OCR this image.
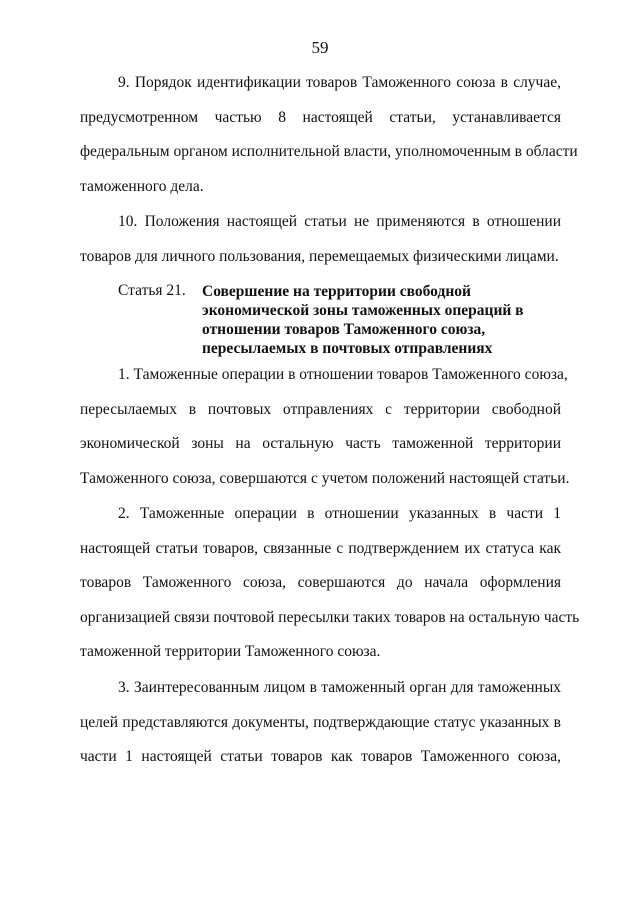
59
9. Порядок идентификации товаров Таможенного союза в случае,
предусмотренном частью 8 настоящей статьи, устанавливается
федеральным органом исполнительной власти, уполномоченным в области
таможенного дела.
10. Положения настоящей статьи не применяются в отношении
товаров для личного пользования, перемещаемых физическими лицами.
Статья 21. Совершение на территории свободной
экономической зоны таможенных операций в
отношении товаров Таможенного союза,
пересылаемых в почтовых отправлениях
1. Таможенные операции в отношении товаров Таможенного союза,
пересылаемых в почтовых отправлениях с территории свободной
экономической зоны на остальную часть таможенной территории
Таможенного союза, совершаются с учетом положений настоящей статьи.
2. Таможенные операции в отношении указанных в части 1
настоящей статьи товаров, связанные с подтверждением их статуса как
товаров Таможенного союза, совершаются до начала оформления
организацией связи почтовой пересылки таких товаров на остальную часть
таможенной территории Таможенного союза.
3. Заинтересованным лицом в таможенный орган для таможенных
целей представляются документы, подтверждающие статус указанных в
части 1 настоящей статьи товаров как товаров Таможенного союза,
